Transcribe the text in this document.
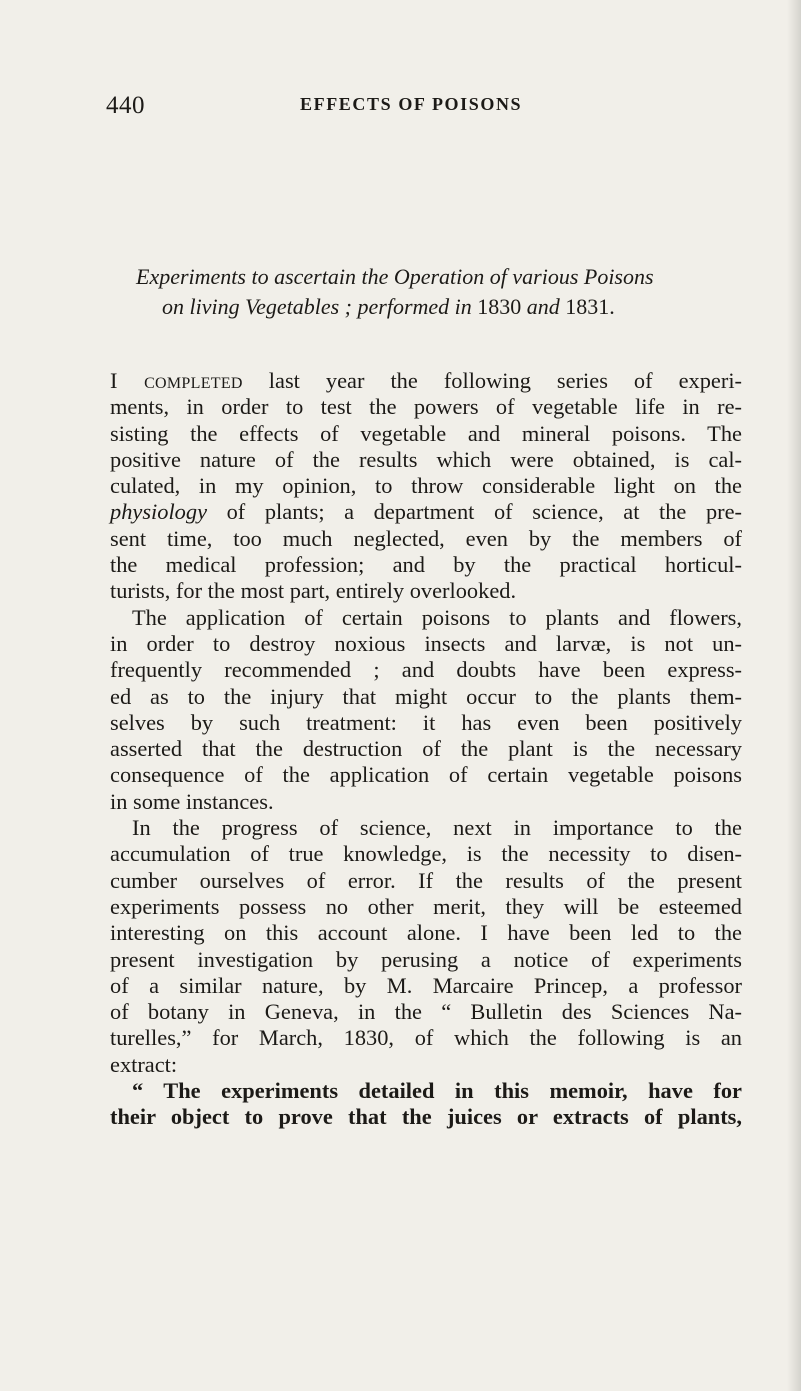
440	EFFECTS OF POISONS
Experiments to ascertain the Operation of various Poisons
on living Vegetables ; performed in 1830 and 1831.
I completed last year the following series of experi-
ments, in order to test the powers of vegetable life in re-
sisting the effects of vegetable and mineral poisons. The
positive nature of the results which were obtained, is cal-
culated, in my opinion, to throw considerable light on the
physiology of plants; a department of science, at the pre-
sent time, too much neglected, even by the members of
the medical profession; and by the practical horticul-
turists, for the most part, entirely overlooked.
The application of certain poisons to plants and flowers,
in order to destroy noxious insects and larvæ, is not un-
frequently recommended ; and doubts have been express-
ed as to the injury that might occur to the plants them-
selves by such treatment: it has even been positively
asserted that the destruction of the plant is the necessary
consequence of the application of certain vegetable poisons
in some instances.
In the progress of science, next in importance to the
accumulation of true knowledge, is the necessity to disen-
cumber ourselves of error. If the results of the present
experiments possess no other merit, they will be esteemed
interesting on this account alone. I have been led to the
present investigation by perusing a notice of experiments
of a similar nature, by M. Marcaire Princep, a professor
of botany in Geneva, in the “ Bulletin des Sciences Na-
turelles,” for March, 1830, of which the following is an
extract:
“ The experiments detailed in this memoir, have for
their object to prove that the juices or extracts of plants,
